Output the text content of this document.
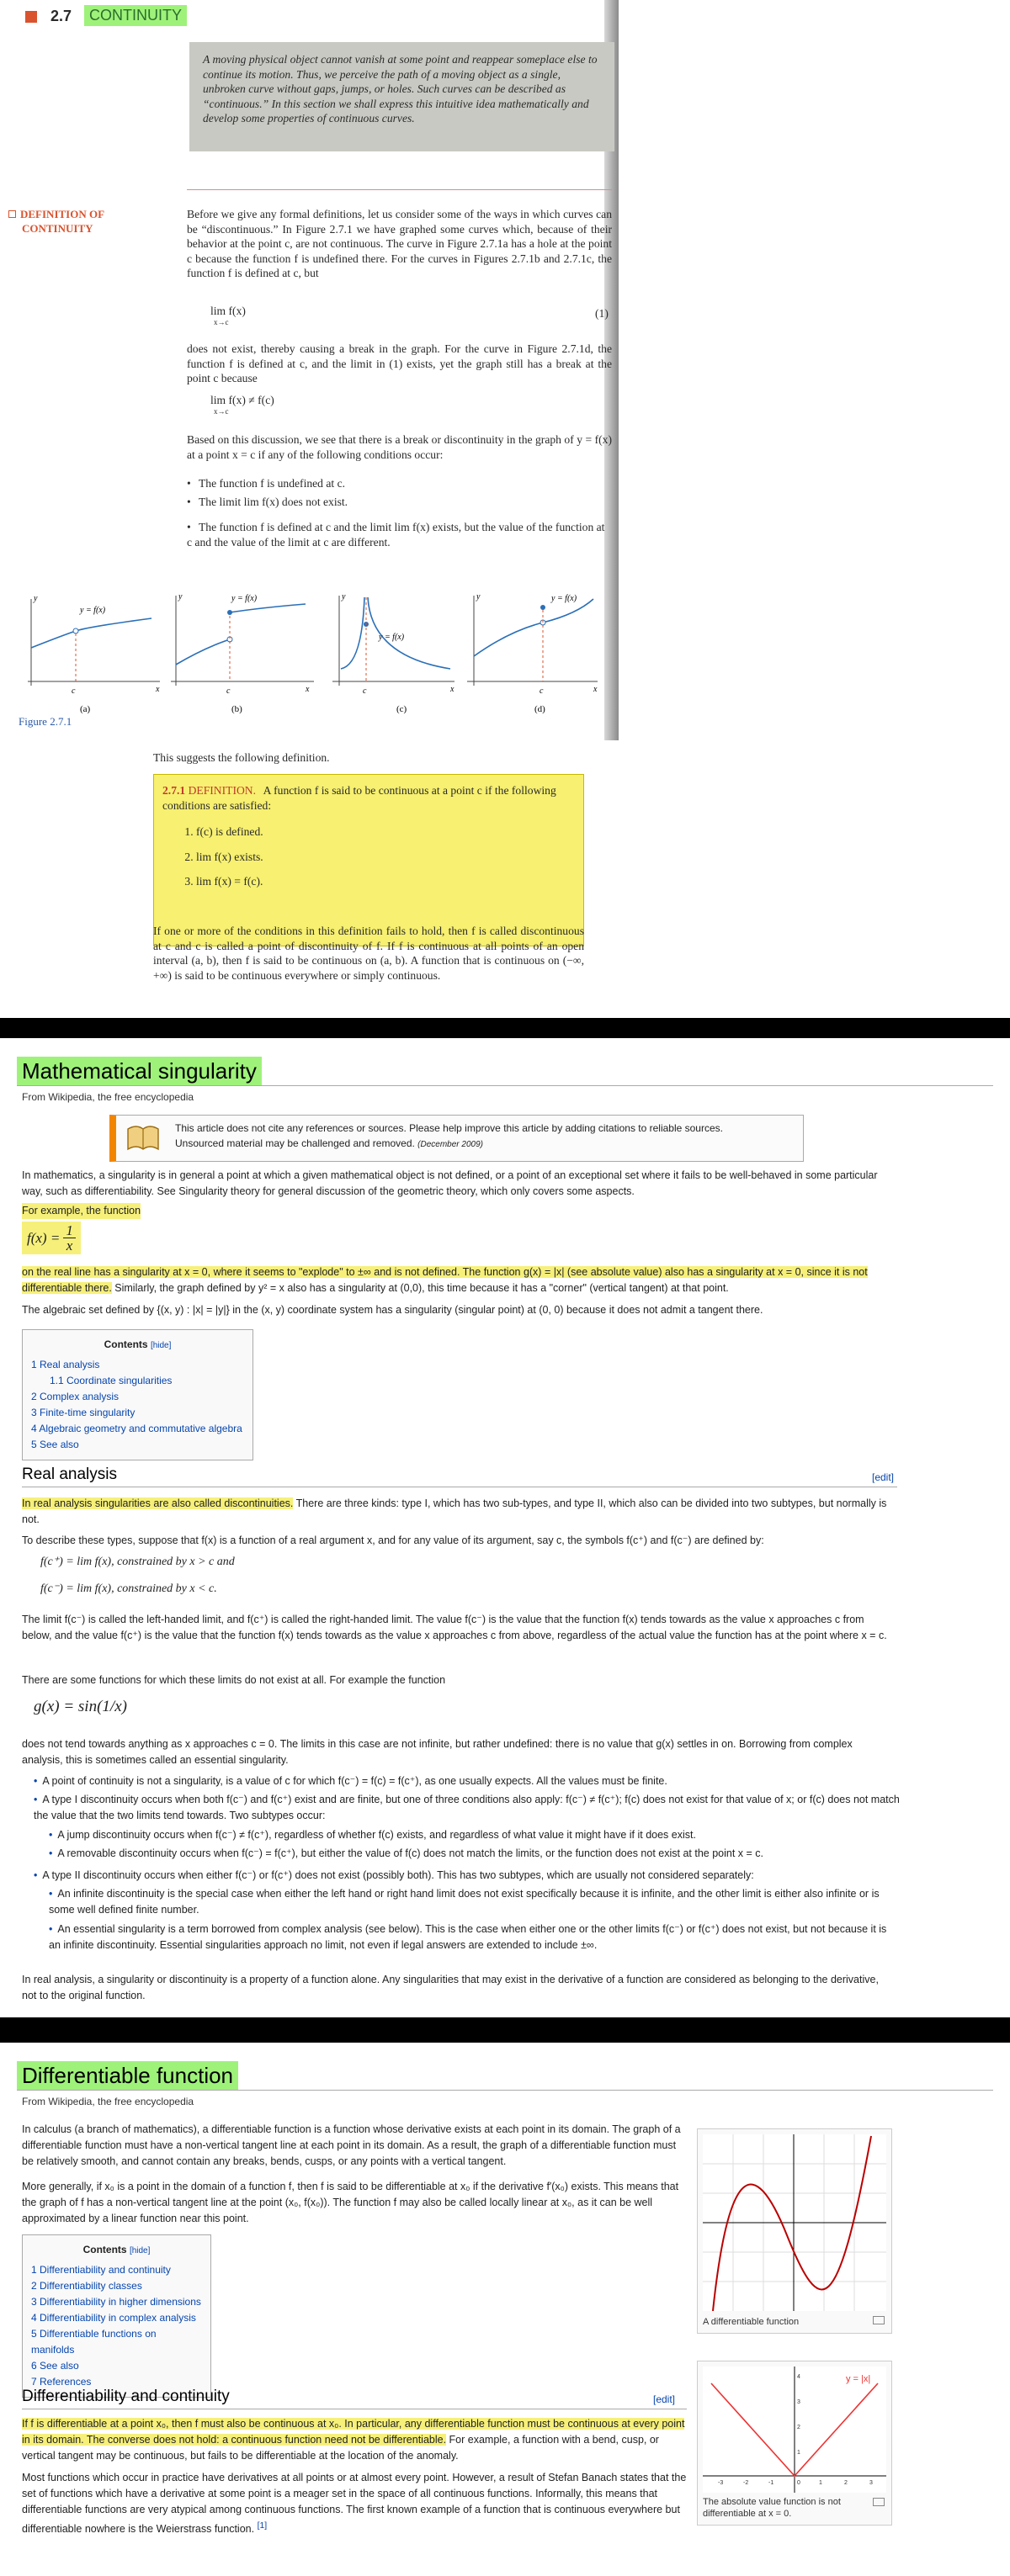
2.7	CONTINUITY
A moving physical object cannot vanish at some point and reappear someplace else to continue its motion. Thus, we perceive the path of a moving object as a single, unbroken curve without gaps, jumps, or holes. Such curves can be described as “continuous.” In this section we shall express this intuitive idea mathematically and develop some properties of continuous curves.
DEFINITION OF
CONTINUITY
Before we give any formal definitions, let us consider some of the ways in which curves can be “discontinuous.” In Figure 2.7.1 we have graphed some curves which, because of their behavior at the point c, are not continuous. The curve in Figure 2.7.1a has a hole at the point c because the function f is undefined there. For the curves in Figures 2.7.1b and 2.7.1c, the function f is defined at c, but
lim f(x)
x→c
(1)
does not exist, thereby causing a break in the graph. For the curve in Figure 2.7.1d, the function f is defined at c, and the limit in (1) exists, yet the graph still has a break at the point c because
lim f(x) ≠ f(c)
x→c
Based on this discussion, we see that there is a break or discontinuity in the graph of y = f(x) at a point x = c if any of the following conditions occur:
• The function f is undefined at c.
• The limit lim f(x) does not exist.
• The function f is defined at c and the limit lim f(x) exists, but the value of the function at c and the value of the limit at c are different.
y = f(x)
c	x
y
(a)
y = f(x)
c	x
y
(b)
y = f(x)
c	x
y
(c)
y = f(x)
c	x
y
(d)
Figure 2.7.1
This suggests the following definition.
2.7.1 DEFINITION. A function f is said to be continuous at a point c if the following conditions are satisfied:
1. f(c) is defined.
2. lim f(x) exists.
3. lim f(x) = f(c).
If one or more of the conditions in this definition fails to hold, then f is called discontinuous at c and c is called a point of discontinuity of f. If f is continuous at all points of an open interval (a, b), then f is said to be continuous on (a, b). A function that is continuous on (−∞, +∞) is said to be continuous everywhere or simply continuous.
Mathematical singularity
From Wikipedia, the free encyclopedia
This article does not cite any references or sources. Please help improve this article by adding citations to reliable sources.
Unsourced material may be challenged and removed. (December 2009)
In mathematics, a singularity is in general a point at which a given mathematical object is not defined, or a point of an exceptional set where it fails to be well-behaved in some particular way, such as differentiability. See Singularity theory for general discussion of the geometric theory, which only covers some aspects.
For example, the function
$f(x) = \frac{1}{x}$
on the real line has a singularity at x = 0, where it seems to "explode" to ±∞ and is not defined. The function g(x) = |x| (see absolute value) also has a singularity at x = 0, since it is not differentiable there. Similarly, the graph defined by y² = x also has a singularity at (0,0), this time because it has a "corner" (vertical tangent) at that point.
The algebraic set defined by {(x, y) : |x| = |y|} in the (x, y) coordinate system has a singularity (singular point) at (0, 0) because it does not admit a tangent there.
Contents [hide]
1 Real analysis
1.1 Coordinate singularities
2 Complex analysis
3 Finite-time singularity
4 Algebraic geometry and commutative algebra
5 See also
Real analysis	[edit]
In real analysis singularities are also called discontinuities. There are three kinds: type I, which has two sub-types, and type II, which also can be divided into two subtypes, but normally is not.
To describe these types, suppose that f(x) is a function of a real argument x, and for any value of its argument, say c, the symbols f(c⁺) and f(c⁻) are defined by:
f(c⁺) = lim f(x), constrained by x > c and
f(c⁻) = lim f(x), constrained by x < c.
The limit f(c⁻) is called the left-handed limit, and f(c⁺) is called the right-handed limit. The value f(c⁻) is the value that the function f(x) tends towards as the value x approaches c from below, and the value f(c⁺) is the value that the function f(x) tends towards as the value x approaches c from above, regardless of the actual value the function has at the point where x = c.
There are some functions for which these limits do not exist at all. For example the function
g(x) = sin(1/x)
does not tend towards anything as x approaches c = 0. The limits in this case are not infinite, but rather undefined: there is no value that g(x) settles in on. Borrowing from complex analysis, this is sometimes called an essential singularity.
• A point of continuity is not a singularity, is a value of c for which f(c⁻) = f(c) = f(c⁺), as one usually expects. All the values must be finite.
• A type I discontinuity occurs when both f(c⁻) and f(c⁺) exist and are finite, but one of three conditions also apply: f(c⁻) ≠ f(c⁺); f(c) does not exist for that value of x; or f(c) does not match the value that the two limits tend towards. Two subtypes occur:
• A jump discontinuity occurs when f(c⁻) ≠ f(c⁺), regardless of whether f(c) exists, and regardless of what value it might have if it does exist.
• A removable discontinuity occurs when f(c⁻) = f(c⁺), but either the value of f(c) does not match the limits, or the function does not exist at the point x = c.
• A type II discontinuity occurs when either f(c⁻) or f(c⁺) does not exist (possibly both). This has two subtypes, which are usually not considered separately:
• An infinite discontinuity is the special case when either the left hand or right hand limit does not exist specifically because it is infinite, and the other limit is either also infinite or is some well defined finite number.
• An essential singularity is a term borrowed from complex analysis (see below). This is the case when either one or the other limits f(c⁻) or f(c⁺) does not exist, but not because it is an infinite discontinuity. Essential singularities approach no limit, not even if legal answers are extended to include ±∞.
In real analysis, a singularity or discontinuity is a property of a function alone. Any singularities that may exist in the derivative of a function are considered as belonging to the derivative, not to the original function.
Differentiable function
From Wikipedia, the free encyclopedia
In calculus (a branch of mathematics), a differentiable function is a function whose derivative exists at each point in its domain. The graph of a differentiable function must have a non-vertical tangent line at each point in its domain. As a result, the graph of a differentiable function must be relatively smooth, and cannot contain any breaks, bends, cusps, or any points with a vertical tangent.
More generally, if x₀ is a point in the domain of a function f, then f is said to be differentiable at x₀ if the derivative f′(x₀) exists. This means that the graph of f has a non-vertical tangent line at the point (x₀, f(x₀)). The function f may also be called locally linear at x₀, as it can be well approximated by a linear function near this point.
Contents [hide]
1 Differentiability and continuity
2 Differentiability classes
3 Differentiability in higher dimensions
4 Differentiability in complex analysis
5 Differentiable functions on manifolds
6 See also
7 References
Differentiability and continuity	[edit]
If f is differentiable at a point x₀, then f must also be continuous at x₀. In particular, any differentiable function must be continuous at every point in its domain. The converse does not hold: a continuous function need not be differentiable. For example, a function with a bend, cusp, or vertical tangent may be continuous, but fails to be differentiable at the location of the anomaly.
Most functions which occur in practice have derivatives at all points or at almost every point. However, a result of Stefan Banach states that the set of functions which have a derivative at some point is a meager set in the space of all continuous functions. Informally, this means that differentiable functions are very atypical among continuous functions. The first known example of a function that is continuous everywhere but differentiable nowhere is the Weierstrass function. [1]
A differentiable function
y = |x|
-3	-2	-1	0	1	2	3
4
3
2
1
The absolute value function is not differentiable at x = 0.
